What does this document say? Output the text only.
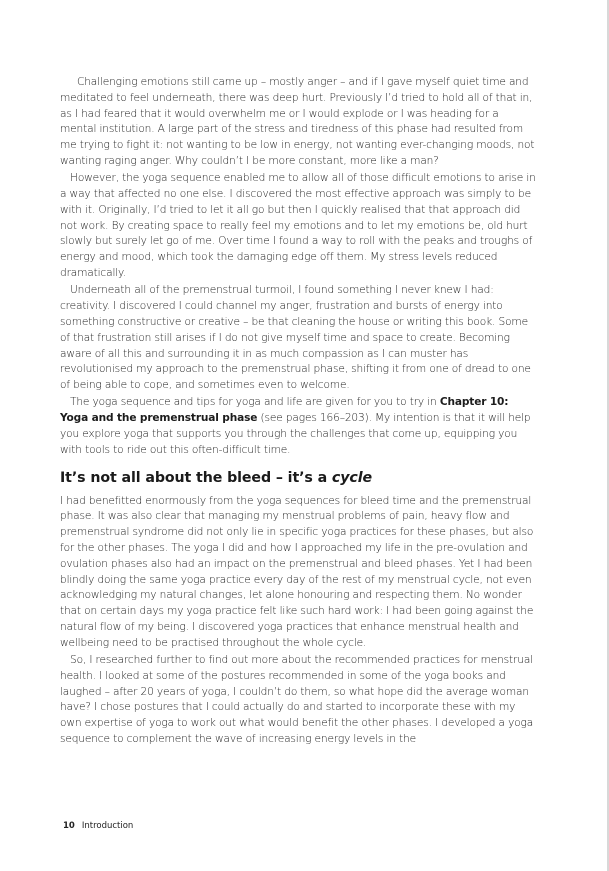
Challenging emotions still came up – mostly anger – and if I gave myself quiet time and meditated to feel underneath, there was deep hurt. Previously I’d tried to hold all of that in, as I had feared that it would overwhelm me or I would explode or I was heading for a mental institution. A large part of the stress and tiredness of this phase had resulted from me trying to fight it: not wanting to be low in energy, not wanting ever-changing moods, not wanting raging anger. Why couldn’t I be more constant, more like a man?

However, the yoga sequence enabled me to allow all of those difficult emotions to arise in a way that affected no one else. I discovered the most effective approach was simply to be with it. Originally, I’d tried to let it all go but then I quickly realised that that approach did not work. By creating space to really feel my emotions and to let my emotions be, old hurt slowly but surely let go of me. Over time I found a way to roll with the peaks and troughs of energy and mood, which took the damaging edge off them. My stress levels reduced dramatically.

Underneath all of the premenstrual turmoil, I found something I never knew I had: creativity. I discovered I could channel my anger, frustration and bursts of energy into something constructive or creative – be that cleaning the house or writing this book. Some of that frustration still arises if I do not give myself time and space to create. Becoming aware of all this and surrounding it in as much compassion as I can muster has revolutionised my approach to the premenstrual phase, shifting it from one of dread to one of being able to cope, and sometimes even to welcome.

The yoga sequence and tips for yoga and life are given for you to try in Chapter 10: Yoga and the premenstrual phase (see pages 166–203). My intention is that it will help you explore yoga that supports you through the challenges that come up, equipping you with tools to ride out this often-difficult time.

It’s not all about the bleed – it’s a cycle

I had benefitted enormously from the yoga sequences for bleed time and the premenstrual phase. It was also clear that managing my menstrual problems of pain, heavy flow and premenstrual syndrome did not only lie in specific yoga practices for these phases, but also for the other phases. The yoga I did and how I approached my life in the pre-ovulation and ovulation phases also had an impact on the premenstrual and bleed phases. Yet I had been blindly doing the same yoga practice every day of the rest of my menstrual cycle, not even acknowledging my natural changes, let alone honouring and respecting them. No wonder that on certain days my yoga practice felt like such hard work: I had been going against the natural flow of my being. I discovered yoga practices that enhance menstrual health and wellbeing need to be practised throughout the whole cycle.

So, I researched further to find out more about the recommended practices for menstrual health. I looked at some of the postures recommended in some of the yoga books and laughed – after 20 years of yoga, I couldn’t do them, so what hope did the average woman have? I chose postures that I could actually do and started to incorporate these with my own expertise of yoga to work out what would benefit the other phases. I developed a yoga sequence to complement the wave of increasing energy levels in the

10 Introduction
